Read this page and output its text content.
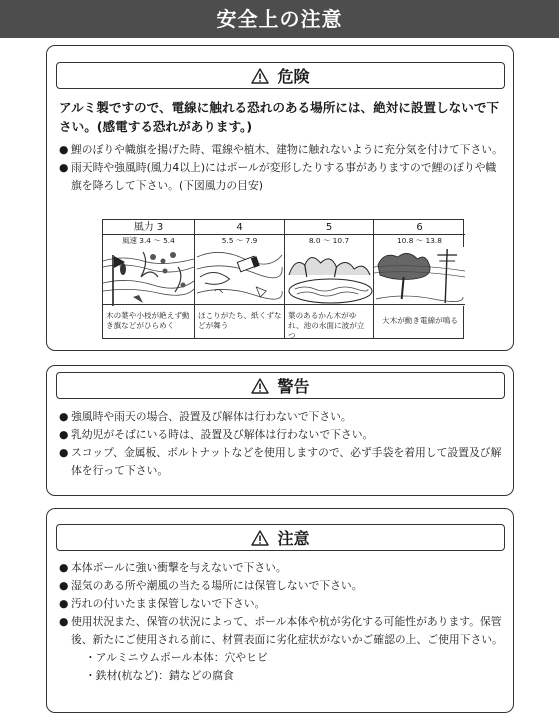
安全上の注意
危険
アルミ製ですので、電線に触れる恐れのある場所には、絶対に設置しないで下さい。(感電する恐れがあります。)
● 鯉のぼりや幟旗を揚げた時、電線や植木、建物に触れないように充分気を付けて下さい。
● 雨天時や強風時(風力4以上)にはポールが変形したりする事がありますので鯉のぼりや幟旗を降ろして下さい。(下図風力の目安)
風力 3
風速 3.4 〜 5.4
木の葉や小枝が絶えず動き旗などがひらめく
4
5.5 〜 7.9
ほこりがたち、紙くずなどが舞う
5
8.0 〜 10.7
葉のあるかん木がゆれ、池の水面に波が立つ
6
10.8 〜 13.8
大木が動き電線が鳴る
警告
● 強風時や雨天の場合、設置及び解体は行わないで下さい。
● 乳幼児がそばにいる時は、設置及び解体は行わないで下さい。
● スコップ、金属板、ボルトナットなどを使用しますので、必ず手袋を着用して設置及び解体を行って下さい。
注意
● 本体ポールに強い衝撃を与えないで下さい。
● 湿気のある所や潮風の当たる場所には保管しないで下さい。
● 汚れの付いたまま保管しないで下さい。
● 使用状況また、保管の状況によって、ポール本体や杭が劣化する可能性があります。保管後、新たにご使用される前に、材質表面に劣化症状がないかご確認の上、ご使用下さい。
・アルミニウムポール本体：穴やヒビ
・鉄材(杭など)：錆などの腐食
